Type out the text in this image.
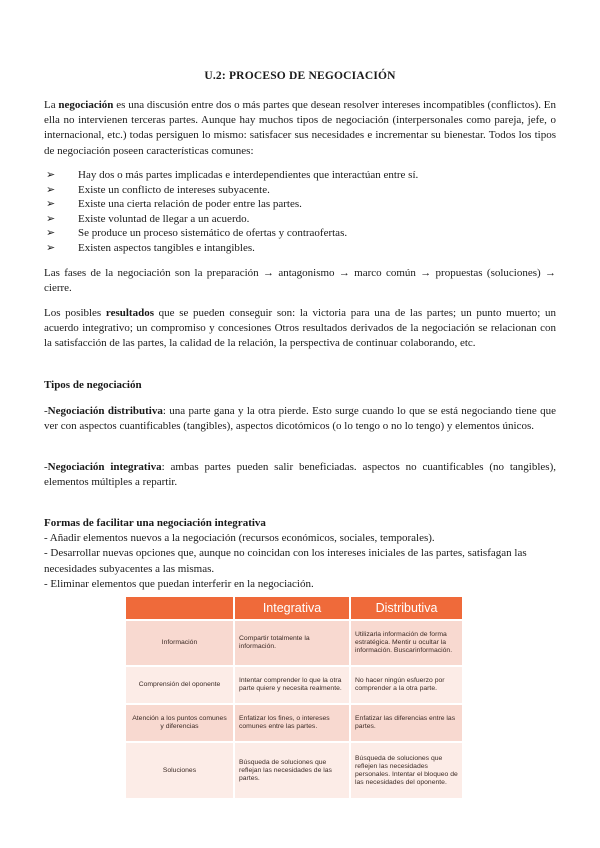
U.2: PROCESO DE NEGOCIACIÓN
La negociación es una discusión entre dos o más partes que desean resolver intereses incompatibles (conflictos). En ella no intervienen terceras partes. Aunque hay muchos tipos de negociación (interpersonales como pareja, jefe, o internacional, etc.) todas persiguen lo mismo: satisfacer sus necesidades e incrementar su bienestar. Todos los tipos de negociación poseen características comunes:
➢ Hay dos o más partes implicadas e interdependientes que interactúan entre sí.
➢ Existe un conflicto de intereses subyacente.
➢ Existe una cierta relación de poder entre las partes.
➢ Existe voluntad de llegar a un acuerdo.
➢ Se produce un proceso sistemático de ofertas y contraofertas.
➢ Existen aspectos tangibles e intangibles.
Las fases de la negociación son la preparación → antagonismo → marco común → propuestas (soluciones) → cierre.
Los posibles resultados que se pueden conseguir son: la victoria para una de las partes; un punto muerto; un acuerdo integrativo; un compromiso y concesiones Otros resultados derivados de la negociación se relacionan con la satisfacción de las partes, la calidad de la relación, la perspectiva de continuar colaborando, etc.
Tipos de negociación
-Negociación distributiva: una parte gana y la otra pierde. Esto surge cuando lo que se está negociando tiene que ver con aspectos cuantificables (tangibles), aspectos dicotómicos (o lo tengo o no lo tengo) y elementos únicos.
-Negociación integrativa: ambas partes pueden salir beneficiadas. aspectos no cuantificables (no tangibles), elementos múltiples a repartir.
Formas de facilitar una negociación integrativa
- Añadir elementos nuevos a la negociación (recursos económicos, sociales, temporales).
- Desarrollar nuevas opciones que, aunque no coincidan con los intereses iniciales de las partes, satisfagan las necesidades subyacentes a las mismas.
- Eliminar elementos que puedan interferir en la negociación.
	Integrativa	Distributiva
Información	Compartir totalmente la información.	Utilizarla información de forma estratégica. Mentir u ocultar la información. Buscarinformación.
Comprensión del oponente	Intentar comprender lo que la otra parte quiere y necesita realmente.	No hacer ningún esfuerzo por comprender a la otra parte.
Atención a los puntos comunes y diferencias	Enfatizar los fines, o intereses comunes entre las partes.	Enfatizar las diferencias entre las partes.
Soluciones	Búsqueda de soluciones que reflejan las necesidades de las partes.	Búsqueda de soluciones que reflejen las necesidades personales. Intentar el bloqueo de las necesidades del oponente.
